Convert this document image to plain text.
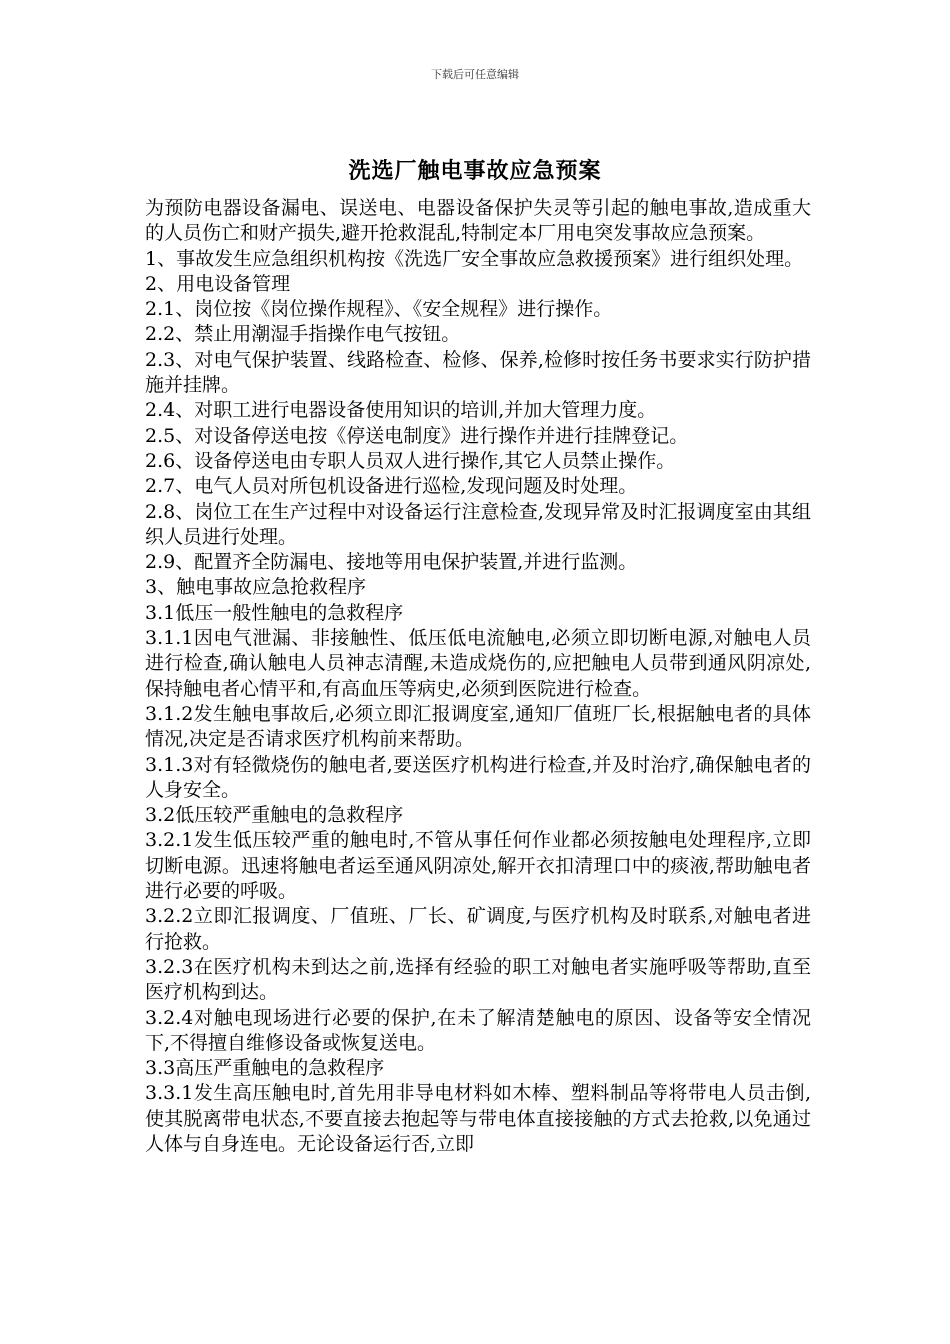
下载后可任意编辑
洗选厂触电事故应急预案

为预防电器设备漏电、误送电、电器设备保护失灵等引起的触电事故,造成重大的人员伤亡和财产损失,避开抢救混乱,特制定本厂用电突发事故应急预案。

1、事故发生应急组织机构按《洗选厂安全事故应急救援预案》进行组织处理。

2、用电设备管理

2.1、岗位按《岗位操作规程》、《安全规程》进行操作。

2.2、禁止用潮湿手指操作电气按钮。

2.3、对电气保护装置、线路检查、检修、保养,检修时按任务书要求实行防护措施并挂牌。

2.4、对职工进行电器设备使用知识的培训,并加大管理力度。

2.5、对设备停送电按《停送电制度》进行操作并进行挂牌登记。

2.6、设备停送电由专职人员双人进行操作,其它人员禁止操作。

2.7、电气人员对所包机设备进行巡检,发现问题及时处理。

2.8、岗位工在生产过程中对设备运行注意检查,发现异常及时汇报调度室由其组织人员进行处理。

2.9、配置齐全防漏电、接地等用电保护装置,并进行监测。

3、触电事故应急抢救程序

3.1低压一般性触电的急救程序

3.1.1因电气泄漏、非接触性、低压低电流触电,必须立即切断电源,对触电人员进行检查,确认触电人员神志清醒,未造成烧伤的,应把触电人员带到通风阴凉处,保持触电者心情平和,有高血压等病史,必须到医院进行检查。

3.1.2发生触电事故后,必须立即汇报调度室,通知厂值班厂长,根据触电者的具体情况,决定是否请求医疗机构前来帮助。

3.1.3对有轻微烧伤的触电者,要送医疗机构进行检查,并及时治疗,确保触电者的人身安全。

3.2低压较严重触电的急救程序

3.2.1发生低压较严重的触电时,不管从事任何作业都必须按触电处理程序,立即切断电源。迅速将触电者运至通风阴凉处,解开衣扣清理口中的痰液,帮助触电者进行必要的呼吸。

3.2.2立即汇报调度、厂值班、厂长、矿调度,与医疗机构及时联系,对触电者进行抢救。

3.2.3在医疗机构未到达之前,选择有经验的职工对触电者实施呼吸等帮助,直至医疗机构到达。

3.2.4对触电现场进行必要的保护,在未了解清楚触电的原因、设备等安全情况下,不得擅自维修设备或恢复送电。

3.3高压严重触电的急救程序

3.3.1发生高压触电时,首先用非导电材料如木棒、塑料制品等将带电人员击倒,使其脱离带电状态,不要直接去抱起等与带电体直接接触的方式去抢救,以免通过人体与自身连电。无论设备运行否,立即
